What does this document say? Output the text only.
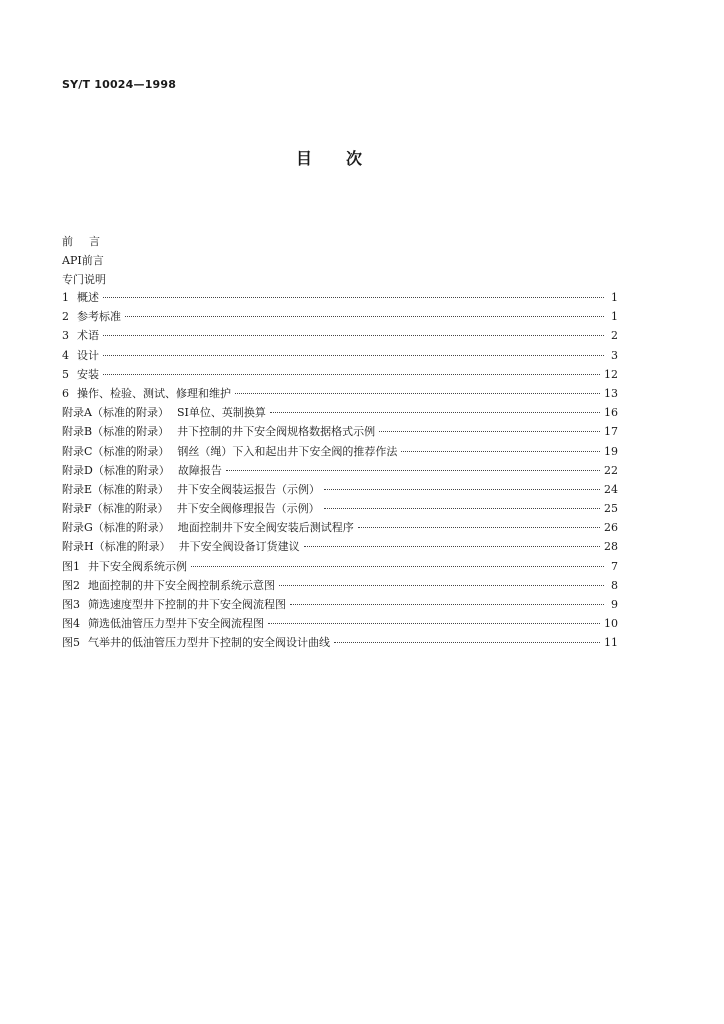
SY/T 10024—1998
目次
前言
API前言
专门说明
1 概述	1
2 参考标准	1
3 术语	2
4 设计	3
5 安装	12
6 操作、检验、测试、修理和维护	13
附录A（标准的附录） SI单位、英制换算	16
附录B（标准的附录） 井下控制的井下安全阀规格数据格式示例	17
附录C（标准的附录） 钢丝（绳）下入和起出井下安全阀的推荐作法	19
附录D（标准的附录） 故障报告	22
附录E（标准的附录） 井下安全阀装运报告（示例）	24
附录F（标准的附录） 井下安全阀修理报告（示例）	25
附录G（标准的附录） 地面控制井下安全阀安装后测试程序	26
附录H（标准的附录） 井下安全阀设备订货建议	28
图1 井下安全阀系统示例	7
图2 地面控制的井下安全阀控制系统示意图	8
图3 筛选速度型井下控制的井下安全阀流程图	9
图4 筛选低油管压力型井下安全阀流程图	10
图5 气举井的低油管压力型井下控制的安全阀设计曲线	11
